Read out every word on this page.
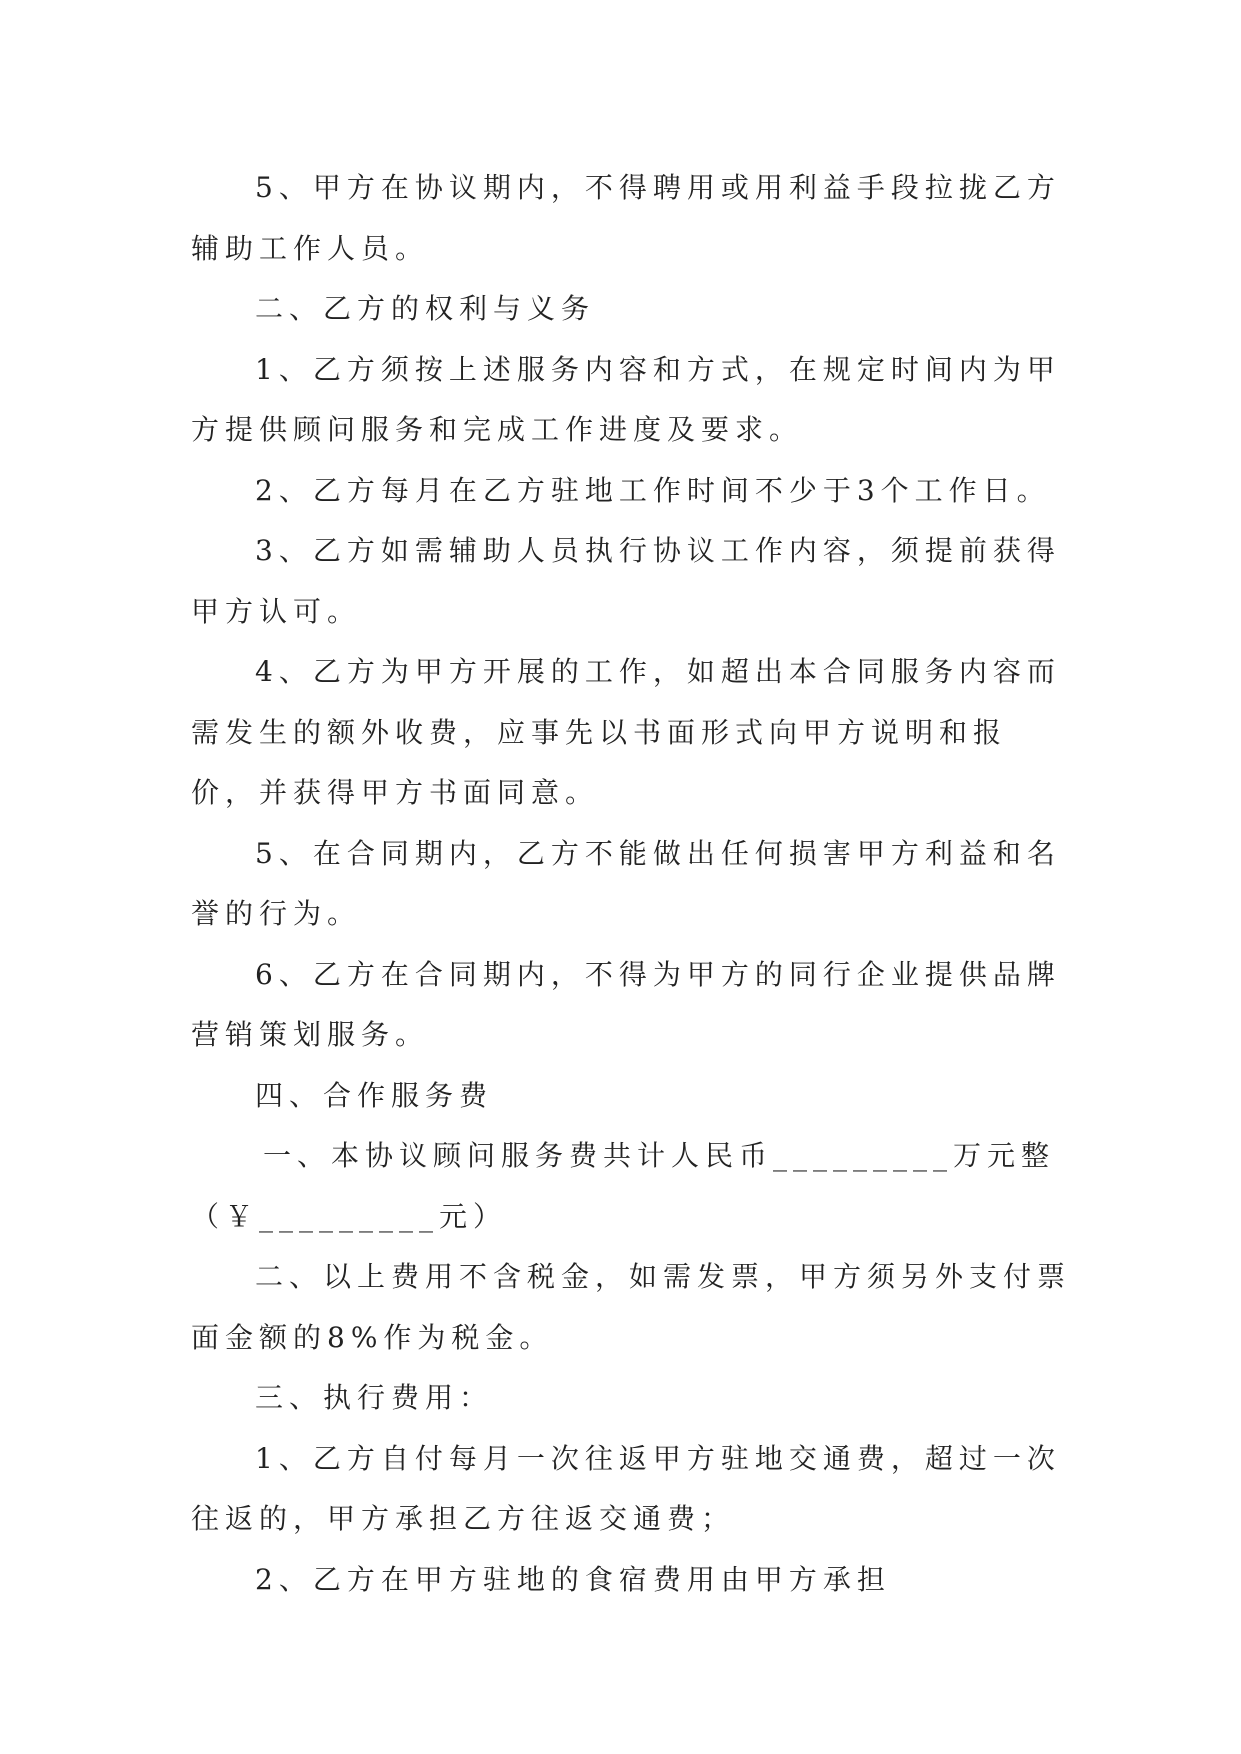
5、甲方在协议期内，不得聘用或用利益手段拉拢乙方辅助工作人员。

二、乙方的权利与义务

1、乙方须按上述服务内容和方式，在规定时间内为甲方提供顾问服务和完成工作进度及要求。

2、乙方每月在乙方驻地工作时间不少于3个工作日。

3、乙方如需辅助人员执行协议工作内容，须提前获得甲方认可。

4、乙方为甲方开展的工作，如超出本合同服务内容而需发生的额外收费，应事先以书面形式向甲方说明和报价，并获得甲方书面同意。

5、在合同期内，乙方不能做出任何损害甲方利益和名誉的行为。

6、乙方在合同期内，不得为甲方的同行企业提供品牌营销策划服务。

四、合作服务费

一、本协议顾问服务费共计人民币_________万元整（￥_________元）

二、以上费用不含税金，如需发票，甲方须另外支付票面金额的8%作为税金。

三、执行费用：

1、乙方自付每月一次往返甲方驻地交通费，超过一次往返的，甲方承担乙方往返交通费；

2、乙方在甲方驻地的食宿费用由甲方承担
